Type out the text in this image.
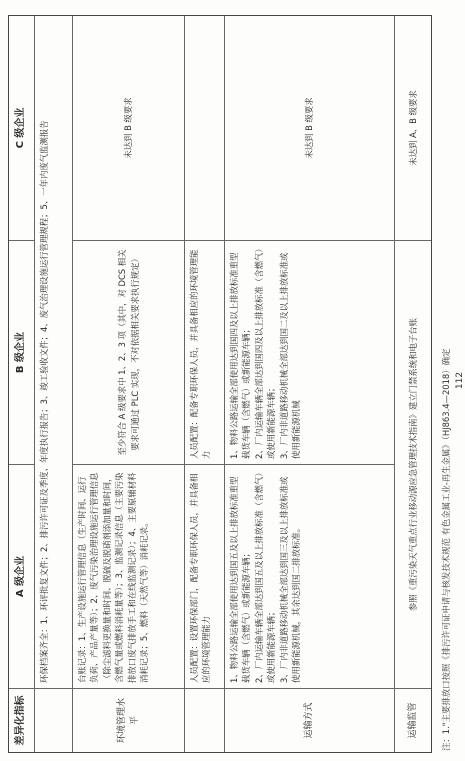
差异化指标
A 级企业
B 级企业
C 级企业	环保档案齐全：1、环评批复文件；2、排污许可证及季度、年度执行报告；3、竣工验收文件；4、废气治理设施运行管理规程；5、一年内废气监测报告
环境管理水平

台账记录：1、生产设施运行管理信息（生产时间、运行负荷、产品产量等）；2、废气污染治理设施运行管理信息（除尘滤料更换量和时间、脱硫及脱硝剂添加量和时间，含燃气量或燃料消耗量等）；3、监测记录信息（主要污染排放口废气排放手工和在线监测记录）；4、主要原辅材料消耗记录；5、燃料（天然气等）消耗记录。

至少符合 A 级要求中 1、2、3 项（其中，对 DCS 相关要求可通过 PLC 实现，不对依据相关要求执行规定）
未达到 B 级要求
人员配置：设置环保部门，配备专职环保人员，并具备相应的环境管理能力
人员配置：配备专职环保人员，并具备相应的环境管理能力
运输方式

1、物料公路运输全部使用达到国五及以上排放标准重型载货车辆（含燃气）或新能源车辆； 2、厂内运输车辆全部达到国五及以上排放标准（含燃气）或使用新能源车辆； 3、厂内非道路移动机械全部达到国三及以上排放标准或使用新能源机械，其余达到国二排放标准。

1、物料公路运输全部使用达到国四及以上排放标准重型载货车辆（含燃气）或新能源车辆； 2、厂内运输车辆全部达到国四及以上排放标准（含燃气）或使用新能源车辆； 3、厂内非道路移动机械全部达到国二及以上排放标准或使用新能源机械

未达到 B 级要求
运输监管
参照《重污染天气重点行业移动源应急管理技术指南》建立门禁系统和电子台账
未达到 A、B 级要求
注：1."主要排放口按照《排污许可证申请与核发技术规范 有色金属工业-再生金属》（HJ863.4—2018）确定 112
